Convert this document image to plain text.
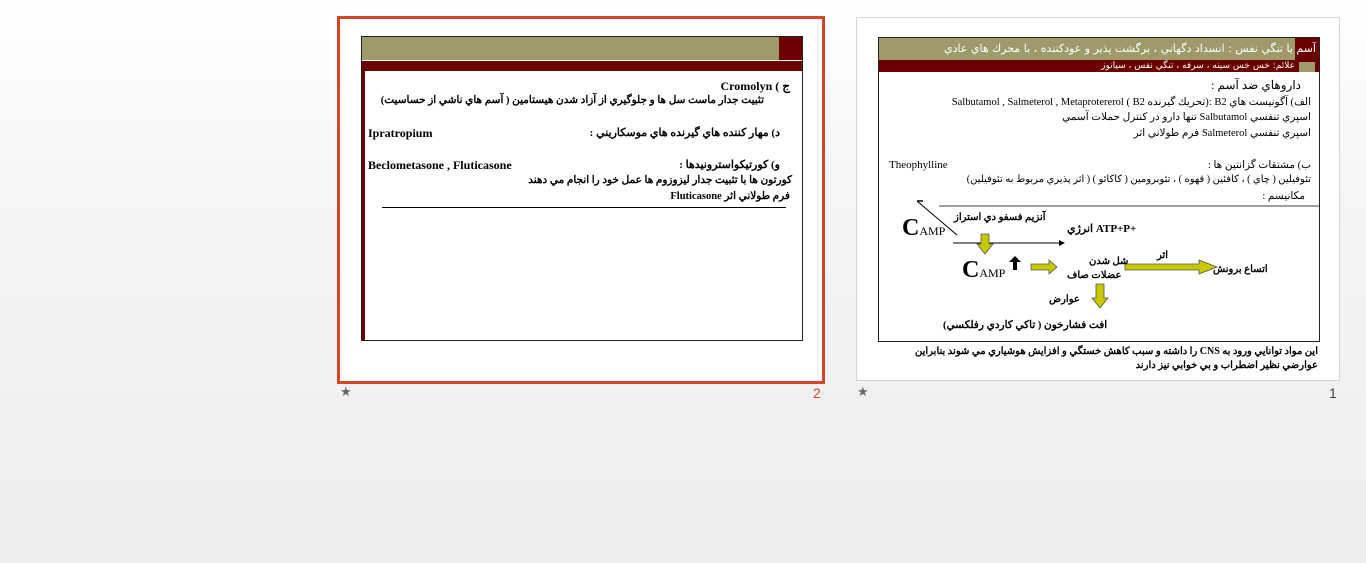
آسم يا تنگي نفس : انسداد دگهاني ، برگشت پذير و عودكننده ، با محرك هاي عادي
علائم: خس خس سينه ، سرفه ، تنگي نفس ، سيانوز
داروهاي ضد آسم :
الف) آگونيست هاي B2 :(تحريك گيرنده B2 ) Salbutamol , Salmeterol , Metaprotererol
اسپري تنفسي Salbutamol تنها دارو در كنترل حملات آسمي
اسپري تنفسي Salmeterol فرم طولاني اثر
ب) مشتقات گزانتين ها :
Theophylline
تئوفيلين ( چاي ) ، كافئين ( قهوه ) ، تئوبرومين ( كاكائو ) ( اثر پذيري مربوط به تئوفيلين)
مكانيسم :
CAMP
آنزيم فسفو دي استراز
انرژي ATP+P+
CAMP
شل شدن
عضلات صاف
اثر
اتساع برونش
عوارض
افت فشارخون ( تاكي كاردي رفلكسي)
اين مواد توانايي ورود به CNS را داشته و سبب كاهش خستگي و افزايش هوشياري مي شوند بنابراين
عوارضي نظير اضطراب و بي خوابي نيز دارند
★	1
ج ) Cromolyn
تثبيت جدار ماست سل ها و جلوگيري از آزاد شدن هيستامين ( آسم هاي ناشي از حساسيت)
د) مهار كننده هاي گيرنده هاي موسكاريني :
Ipratropium
و) كورتيكواسترونيدها :
Beclometasone , Fluticasone
كورتون ها با تثبيت جدار ليزوزوم ها عمل خود را انجام مي دهند
Fluticasone فرم طولاني اثر
★	2
